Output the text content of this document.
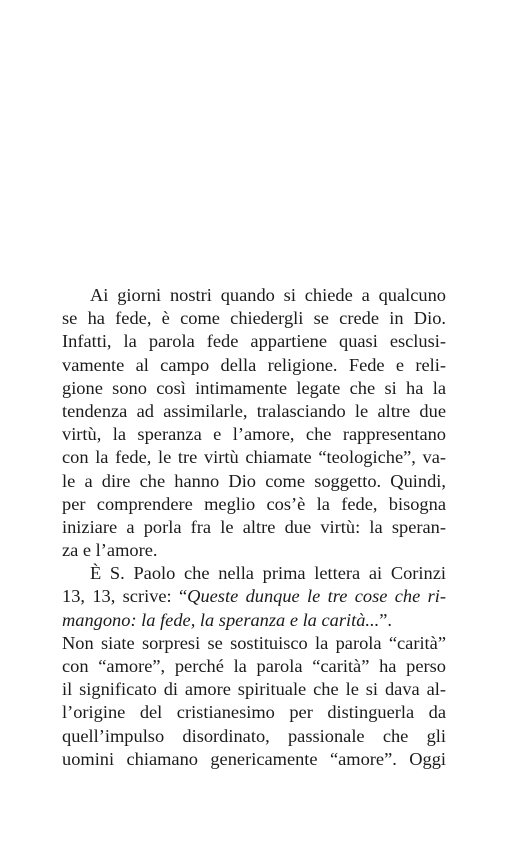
Ai giorni nostri quando si chiede a qualcuno
se ha fede, è come chiedergli se crede in Dio.
Infatti, la parola fede appartiene quasi esclusi-
vamente al campo della religione. Fede e reli-
gione sono così intimamente legate che si ha la
tendenza ad assimilarle, tralasciando le altre due
virtù, la speranza e l’amore, che rappresentano
con la fede, le tre virtù chiamate “teologiche”, va-
le a dire che hanno Dio come soggetto. Quindi,
per comprendere meglio cos’è la fede, bisogna
iniziare a porla fra le altre due virtù: la speran-
za e l’amore.
È S. Paolo che nella prima lettera ai Corinzi
13, 13, scrive: “Queste dunque le tre cose che ri-
mangono: la fede, la speranza e la carità...”.
Non siate sorpresi se sostituisco la parola “carità”
con “amore”, perché la parola “carità” ha perso
il significato di amore spirituale che le si dava al-
l’origine del cristianesimo per distinguerla da
quell’impulso disordinato, passionale che gli
uomini chiamano genericamente “amore”. Oggi
